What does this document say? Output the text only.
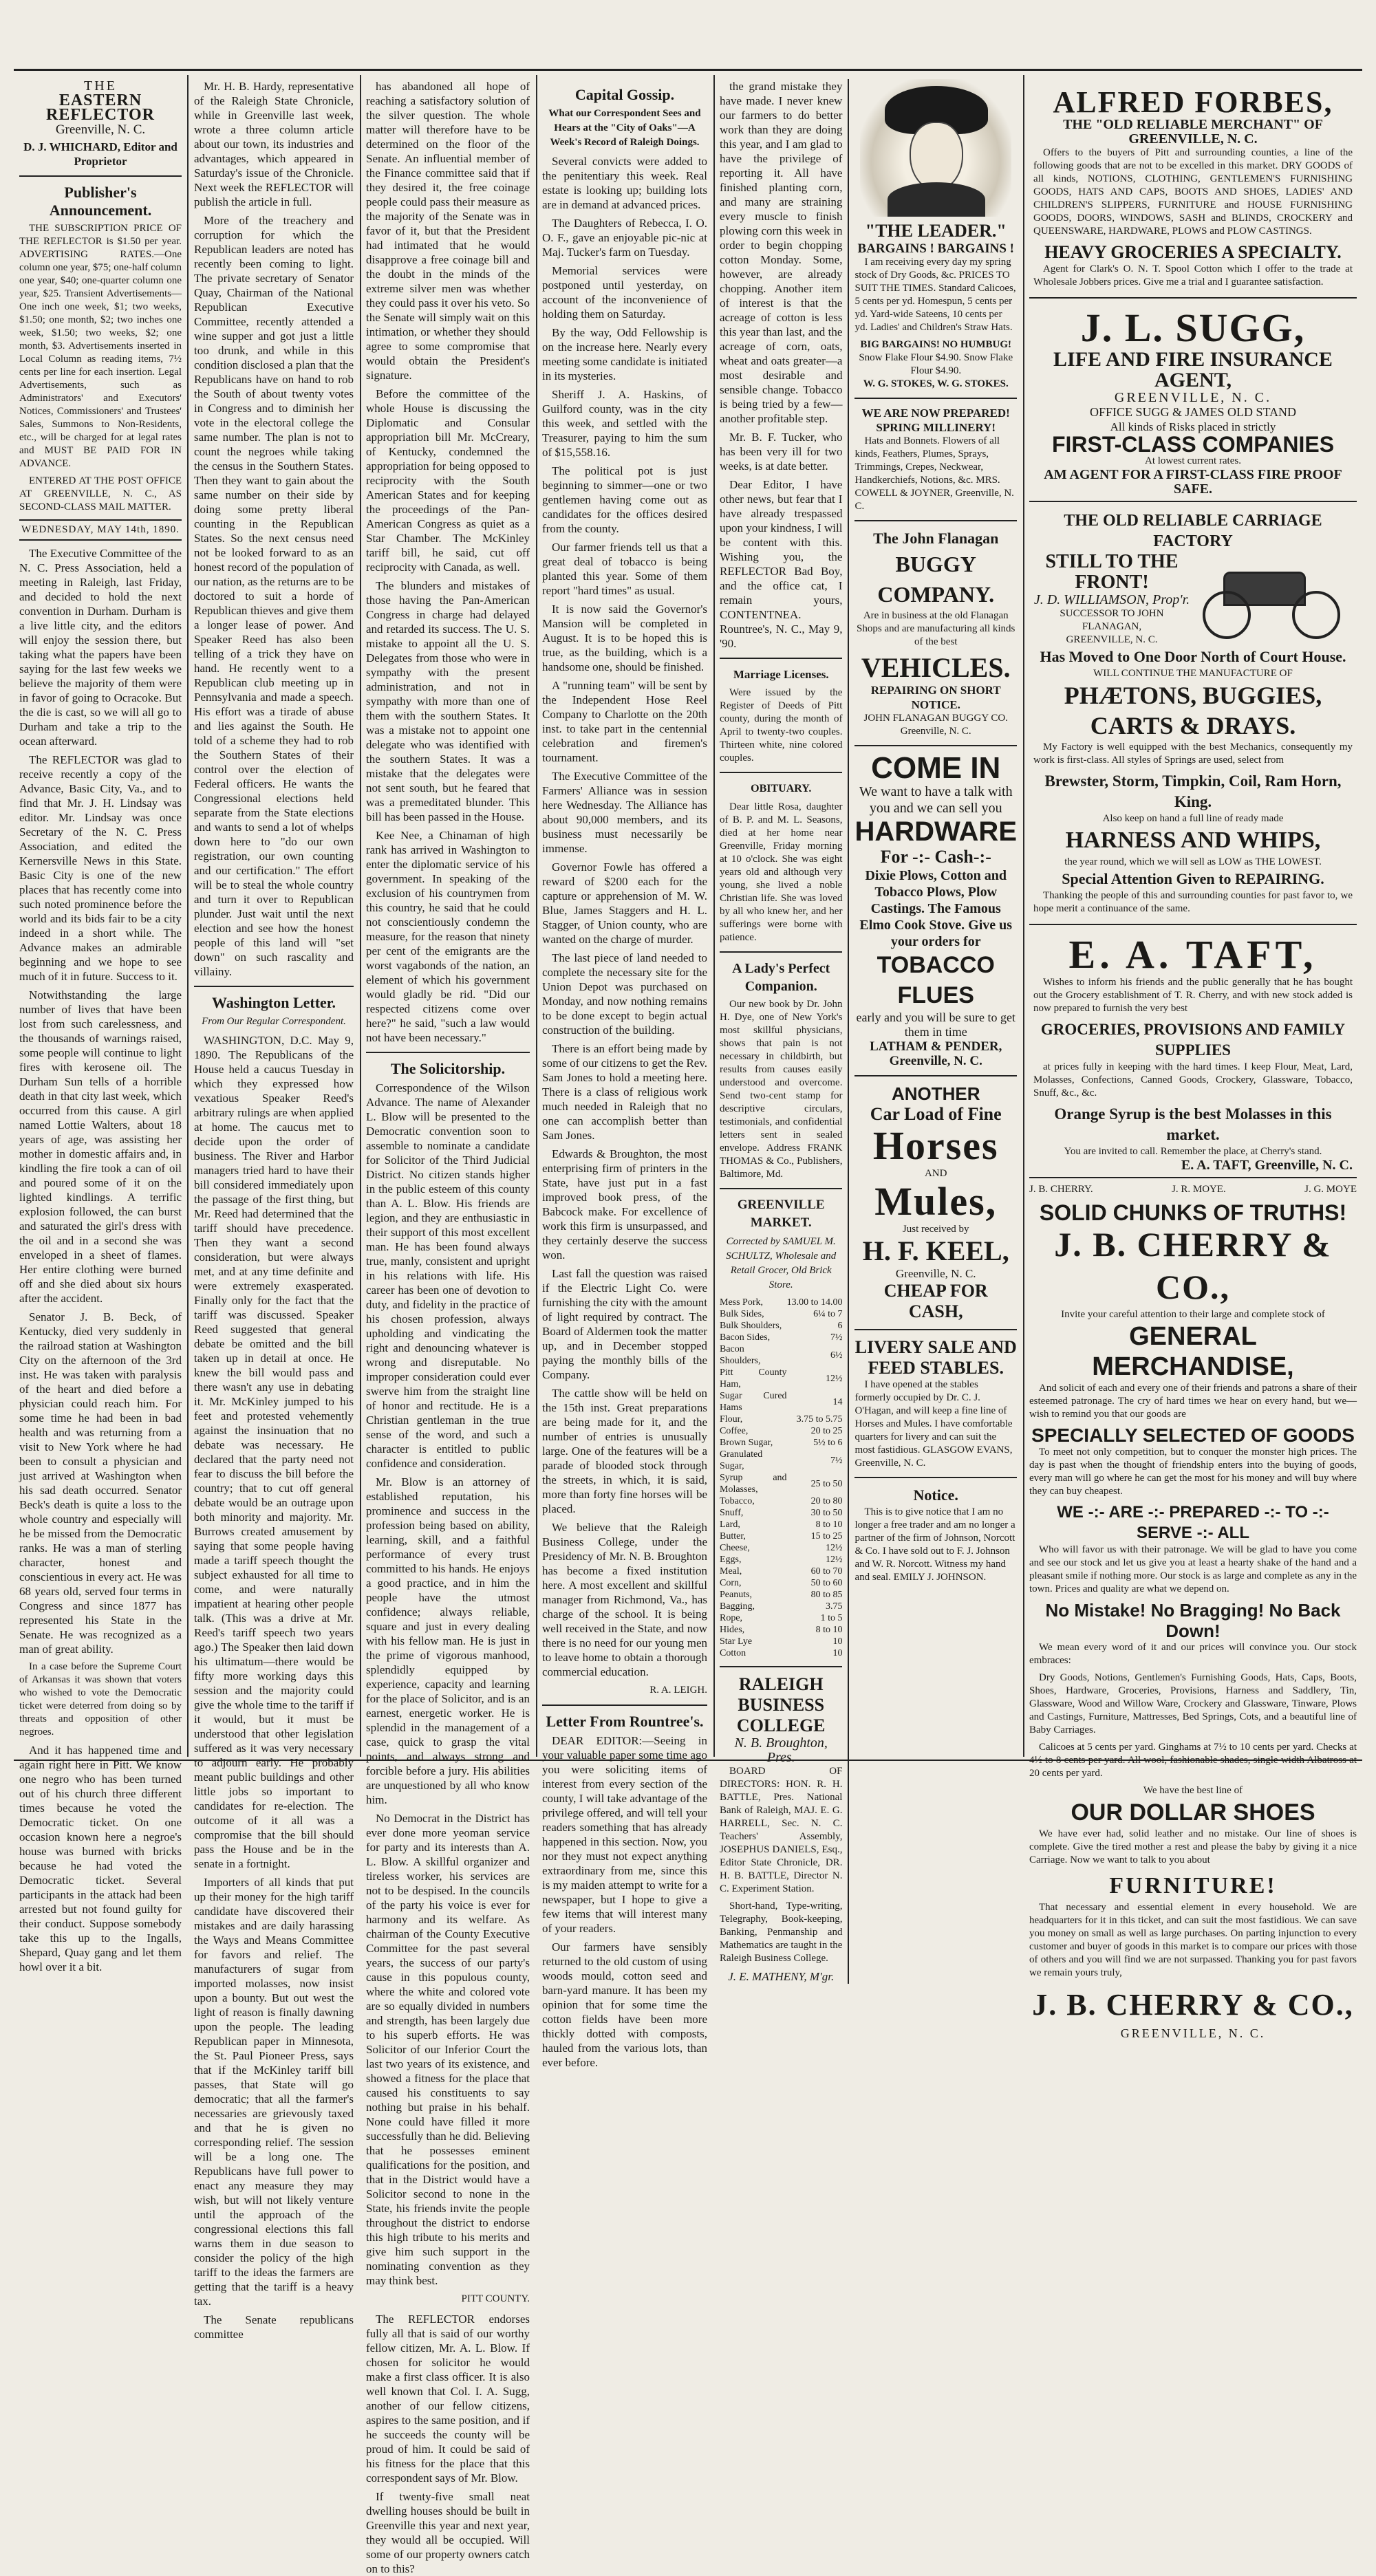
THE
EASTERN REFLECTOR
Greenville, N. C.
D. J. WHICHARD, Editor and Proprietor
Publisher's Announcement.

THE SUBSCRIPTION PRICE OF THE REFLECTOR is $1.50 per year. ADVERTISING RATES.—One column one year, $75; one-half column one year, $40; one-quarter column one year, $25. Transient Advertisements—One inch one week, $1; two weeks, $1.50; one month, $2; two inches one week, $1.50; two weeks, $2; one month, $3. Advertisements inserted in Local Column as reading items, 7½ cents per line for each insertion. Legal Advertisements, such as Administrators' and Executors' Notices, Commissioners' and Trustees' Sales, Summons to Non-Residents, etc., will be charged for at legal rates and MUST BE PAID FOR IN ADVANCE.

ENTERED AT THE POST OFFICE AT GREENVILLE, N. C., AS SECOND-CLASS MAIL MATTER.

WEDNESDAY, MAY 14th, 1890.

The Executive Committee of the N. C. Press Association, held a meeting in Raleigh, last Friday, and decided to hold the next convention in Durham. Durham is a live little city, and the editors will enjoy the session there, but taking what the papers have been saying for the last few weeks we believe the majority of them were in favor of going to Ocracoke. But the die is cast, so we will all go to Durham and take a trip to the ocean afterward.

The REFLECTOR was glad to receive recently a copy of the Advance, Basic City, Va., and to find that Mr. J. H. Lindsay was editor. Mr. Lindsay was once Secretary of the N. C. Press Association, and edited the Kernersville News in this State. Basic City is one of the new places that has recently come into such noted prominence before the world and its bids fair to be a city indeed in a short while. The Advance makes an admirable beginning and we hope to see much of it in future. Success to it.

Notwithstanding the large number of lives that have been lost from such carelessness, and the thousands of warnings raised, some people will continue to light fires with kerosene oil. The Durham Sun tells of a horrible death in that city last week, which occurred from this cause. A girl named Lottie Walters, about 18 years of age, was assisting her mother in domestic affairs and, in kindling the fire took a can of oil and poured some of it on the lighted kindlings. A terrific explosion followed, the can burst and saturated the girl's dress with the oil and in a second she was enveloped in a sheet of flames. Her entire clothing were burned off and she died about six hours after the accident.

Senator J. B. Beck, of Kentucky, died very suddenly in the railroad station at Washington City on the afternoon of the 3rd inst. He was taken with paralysis of the heart and died before a physician could reach him. For some time he had been in bad health and was returning from a visit to New York where he had been to consult a physician and just arrived at Washington when his sad death occurred. Senator Beck's death is quite a loss to the whole country and especially will he be missed from the Democratic ranks. He was a man of sterling character, honest and conscientious in every act. He was 68 years old, served four terms in Congress and since 1877 has represented his State in the Senate. He was recognized as a man of great ability.

In a case before the Supreme Court of Arkansas it was shown that voters who wished to vote the Democratic ticket were deterred from doing so by threats and opposition of other negroes.

And it has happened time and again right here in Pitt. We know one negro who has been turned out of his church three different times because he voted the Democratic ticket. On one occasion known here a negroe's house was burned with bricks because he had voted the Democratic ticket. Several participants in the attack had been arrested but not found guilty for their conduct. Suppose somebody take this up to the Ingalls, Shepard, Quay gang and let them howl over it a bit.

Mr. H. B. Hardy, representative of the Raleigh State Chronicle, while in Greenville last week, wrote a three column article about our town, its industries and advantages, which appeared in Saturday's issue of the Chronicle. Next week the REFLECTOR will publish the article in full.

More of the treachery and corruption for which the Republican leaders are noted has recently been coming to light. The private secretary of Senator Quay, Chairman of the National Republican Executive Committee, recently attended a wine supper and got just a little too drunk, and while in this condition disclosed a plan that the Republicans have on hand to rob the South of about twenty votes in Congress and to diminish her vote in the electoral college the same number. The plan is not to count the negroes while taking the census in the Southern States. Then they want to gain about the same number on their side by doing some pretty liberal counting in the Republican States. So the next census need not be looked forward to as an honest record of the population of our nation, as the returns are to be doctored to suit a horde of Republican thieves and give them a longer lease of power. And Speaker Reed has also been telling of a trick they have on hand. He recently went to a Republican club meeting up in Pennsylvania and made a speech. His effort was a tirade of abuse and lies against the South. He told of a scheme they had to rob the Southern States of their control over the election of Federal officers. He wants the Congressional elections held separate from the State elections and wants to send a lot of whelps down here to "do our own registration, our own counting and our certification." The effort will be to steal the whole country and turn it over to Republican plunder. Just wait until the next election and see how the honest people of this land will "set down" on such rascality and villainy.

Washington Letter.
From Our Regular Correspondent.

WASHINGTON, D.C. May 9, 1890. The Republicans of the House held a caucus Tuesday in which they expressed how vexatious Speaker Reed's arbitrary rulings are when applied at home. The caucus met to decide upon the order of business. The River and Harbor managers tried hard to have their bill considered immediately upon the passage of the first thing, but Mr. Reed had determined that the tariff should have precedence. Then they want a second consideration, but were always met, and at any time definite and were extremely exasperated. Finally only for the fact that the tariff was discussed. Speaker Reed suggested that general debate be omitted and the bill taken up in detail at once. He knew the bill would pass and there wasn't any use in debating it. Mr. McKinley jumped to his feet and protested vehemently against the insinuation that no debate was necessary. He declared that the party need not fear to discuss the bill before the country; that to cut off general debate would be an outrage upon both minority and majority. Mr. Burrows created amusement by saying that some people having made a tariff speech thought the subject exhausted for all time to come, and were naturally impatient at hearing other people talk. (This was a drive at Mr. Reed's tariff speech two years ago.) The Speaker then laid down his ultimatum—there would be fifty more working days this session and the majority could give the whole time to the tariff if it would, but it must be understood that other legislation suffered as it was very necessary to adjourn early. He probably meant public buildings and other little jobs so important to candidates for re-election. The outcome of it all was a compromise that the bill should pass the House and be in the senate in a fortnight.

Importers of all kinds that put up their money for the high tariff candidate have discovered their mistakes and are daily harassing the Ways and Means Committee for favors and relief. The manufacturers of sugar from imported molasses, now insist upon a bounty. But out west the light of reason is finally dawning upon the people. The leading Republican paper in Minnesota, the St. Paul Pioneer Press, says that if the McKinley tariff bill passes, that State will go democratic; that all the farmer's necessaries are grievously taxed and that he is given no corresponding relief. The session will be a long one. The Republicans have full power to enact any measure they may wish, but will not likely venture until the approach of the congressional elections this fall warns them in due season to consider the policy of the high tariff to the ideas the farmers are getting that the tariff is a heavy tax.

The Senate republicans committee

has abandoned all hope of reaching a satisfactory solution of the silver question. The whole matter will therefore have to be determined on the floor of the Senate. An influential member of the Finance committee said that if they desired it, the free coinage people could pass their measure as the majority of the Senate was in favor of it, but that the President had intimated that he would disapprove a free coinage bill and the doubt in the minds of the extreme silver men was whether they could pass it over his veto. So the Senate will simply wait on this intimation, or whether they should agree to some compromise that would obtain the President's signature.

Before the committee of the whole House is discussing the Diplomatic and Consular appropriation bill Mr. McCreary, of Kentucky, condemned the appropriation for being opposed to reciprocity with the South American States and for keeping the proceedings of the Pan-American Congress as quiet as a Star Chamber. The McKinley tariff bill, he said, cut off reciprocity with Canada, as well.

The blunders and mistakes of those having the Pan-American Congress in charge had delayed and retarded its success. The U. S. mistake to appoint all the U. S. Delegates from those who were in sympathy with the present administration, and not in sympathy with more than one of them with the southern States. It was a mistake not to appoint one delegate who was identified with the southern States. It was a mistake that the delegates were not sent south, but he feared that was a premeditated blunder. This bill has been passed in the House.

Kee Nee, a Chinaman of high rank has arrived in Washington to enter the diplomatic service of his government. In speaking of the exclusion of his countrymen from this country, he said that he could not conscientiously condemn the measure, for the reason that ninety per cent of the emigrants are the worst vagabonds of the nation, an element of which his government would gladly be rid. "Did our respected citizens come over here?" he said, "such a law would not have been necessary."

The Solicitorship.

Correspondence of the Wilson Advance. The name of Alexander L. Blow will be presented to the Democratic convention soon to assemble to nominate a candidate for Solicitor of the Third Judicial District. No citizen stands higher in the public esteem of this county than A. L. Blow. His friends are legion, and they are enthusiastic in their support of this most excellent man. He has been found always true, manly, consistent and upright in his relations with life. His career has been one of devotion to duty, and fidelity in the practice of his chosen profession, always upholding and vindicating the right and denouncing whatever is wrong and disreputable. No improper consideration could ever swerve him from the straight line of honor and rectitude. He is a Christian gentleman in the true sense of the word, and such a character is entitled to public confidence and consideration.

Mr. Blow is an attorney of established reputation, his prominence and success in the profession being based on ability, learning, skill, and a faithful performance of every trust committed to his hands. He enjoys a good practice, and in him the people have the utmost confidence; always reliable, square and just in every dealing with his fellow man. He is just in the prime of vigorous manhood, splendidly equipped by experience, capacity and learning for the place of Solicitor, and is an earnest, energetic worker. He is splendid in the management of a case, quick to grasp the vital points, and always strong and forcible before a jury. His abilities are unquestioned by all who know him.

No Democrat in the District has ever done more yeoman service for party and its interests than A. L. Blow. A skillful organizer and tireless worker, his services are not to be despised. In the councils of the party his voice is ever for harmony and its welfare. As chairman of the County Executive Committee for the past several years, the success of our party's cause in this populous county, where the white and colored vote are so equally divided in numbers and strength, has been largely due to his superb efforts. He was Solicitor of our Inferior Court the last two years of its existence, and showed a fitness for the place that caused his constituents to say nothing but praise in his behalf. None could have filled it more successfully than he did. Believing that he possesses eminent qualifications for the position, and that in the District would have a Solicitor second to none in the State, his friends invite the people throughout the district to endorse this high tribute to his merits and give him such support in the nominating convention as they may think best.

PITT COUNTY.

The REFLECTOR endorses fully all that is said of our worthy fellow citizen, Mr. A. L. Blow. If chosen for solicitor he would make a first class officer. It is also well known that Col. I. A. Sugg, another of our fellow citizens, aspires to the same position, and if he succeeds the county will be proud of him. It could be said of his fitness for the place that this correspondent says of Mr. Blow.

If twenty-five small neat dwelling houses should be built in Greenville this year and next year, they would all be occupied. Will some of our property owners catch on to this?

Capital Gossip.
What our Correspondent Sees and Hears at the "City of Oaks"—A Week's Record of Raleigh Doings.

Several convicts were added to the penitentiary this week. Real estate is looking up; building lots are in demand at advanced prices.

The Daughters of Rebecca, I. O. O. F., gave an enjoyable pic-nic at Maj. Tucker's farm on Tuesday.

Memorial services were postponed until yesterday, on account of the inconvenience of holding them on Saturday.

By the way, Odd Fellowship is on the increase here. Nearly every meeting some candidate is initiated in its mysteries.

Sheriff J. A. Haskins, of Guilford county, was in the city this week, and settled with the Treasurer, paying to him the sum of $15,558.16.

The political pot is just beginning to simmer—one or two gentlemen having come out as candidates for the offices desired from the county.

Our farmer friends tell us that a great deal of tobacco is being planted this year. Some of them report "hard times" as usual.

It is now said the Governor's Mansion will be completed in August. It is to be hoped this is true, as the building, which is a handsome one, should be finished.

A "running team" will be sent by the Independent Hose Reel Company to Charlotte on the 20th inst. to take part in the centennial celebration and firemen's tournament.

The Executive Committee of the Farmers' Alliance was in session here Wednesday. The Alliance has about 90,000 members, and its business must necessarily be immense.

Governor Fowle has offered a reward of $200 each for the capture or apprehension of M. W. Blue, James Staggers and H. L. Stagger, of Union county, who are wanted on the charge of murder.

The last piece of land needed to complete the necessary site for the Union Depot was purchased on Monday, and now nothing remains to be done except to begin actual construction of the building.

There is an effort being made by some of our citizens to get the Rev. Sam Jones to hold a meeting here. There is a class of religious work much needed in Raleigh that no one can accomplish better than Sam Jones.

Edwards & Broughton, the most enterprising firm of printers in the State, have just put in a fast improved book press, of the Babcock make. For excellence of work this firm is unsurpassed, and they certainly deserve the success won.

Last fall the question was raised if the Electric Light Co. were furnishing the city with the amount of light required by contract. The Board of Aldermen took the matter up, and in December stopped paying the monthly bills of the Company.

The cattle show will be held on the 15th inst. Great preparations are being made for it, and the number of entries is unusually large. One of the features will be a parade of blooded stock through the streets, in which, it is said, more than forty fine horses will be placed.

We believe that the Raleigh Business College, under the Presidency of Mr. N. B. Broughton has become a fixed institution here. A most excellent and skillful manager from Richmond, Va., has charge of the school. It is being well received in the State, and now there is no need for our young men to leave home to obtain a thorough commercial education.

R. A. LEIGH.
Letter From Rountree's.

DEAR EDITOR:—Seeing in your valuable paper some time ago you were soliciting items of interest from every section of the county, I will take advantage of the privilege offered, and will tell your readers something that has already happened in this section. Now, you nor they must not expect anything extraordinary from me, since this is my maiden attempt to write for a newspaper, but I hope to give a few items that will interest many of your readers.

Our farmers have sensibly returned to the old custom of using woods mould, cotton seed and barn-yard manure. It has been my opinion that for some time the cotton fields have been more thickly dotted with composts, hauled from the various lots, than ever before.

the grand mistake they have made. I never knew our farmers to do better work than they are doing this year, and I am glad to have the privilege of reporting it. All have finished planting corn, and many are straining every muscle to finish plowing corn this week in order to begin chopping cotton Monday. Some, however, are already chopping. Another item of interest is that the acreage of cotton is less this year than last, and the acreage of corn, oats, wheat and oats greater—a most desirable and sensible change. Tobacco is being tried by a few—another profitable step.

Mr. B. F. Tucker, who has been very ill for two weeks, is at date better.

Dear Editor, I have other news, but fear that I have already trespassed upon your kindness, I will be content with this. Wishing you, the REFLECTOR Bad Boy, and the office cat, I remain yours, CONTENTNEA. Rountree's, N. C., May 9, '90.

Marriage Licenses.

Were issued by the Register of Deeds of Pitt county, during the month of April to twenty-two couples. Thirteen white, nine colored couples.

OBITUARY.

Dear little Rosa, daughter of B. P. and M. L. Seasons, died at her home near Greenville, Friday morning at 10 o'clock. She was eight years old and although very young, she lived a noble Christian life. She was loved by all who knew her, and her sufferings were borne with patience.

A Lady's Perfect Companion.

Our new book by Dr. John H. Dye, one of New York's most skillful physicians, shows that pain is not necessary in childbirth, but results from causes easily understood and overcome. Send two-cent stamp for descriptive circulars, testimonials, and confidential letters sent in sealed envelope. Address FRANK THOMAS & Co., Publishers, Baltimore, Md.

GREENVILLE MARKET.
Corrected by SAMUEL M. SCHULTZ, Wholesale and Retail Grocer, Old Brick Store.
Mess Pork,	13.00 to 14.00
Bulk Sides,	6¼ to 7
Bulk Shoulders,	6
Bacon Sides,	7½
Bacon Shoulders,	6½
Pitt County Ham,	12½
Sugar Cured Hams	14
Flour,	3.75 to 5.75
Coffee,	20 to 25
Brown Sugar,	5½ to 6
Granulated Sugar,	7½
Syrup and Molasses,	25 to 50
Tobacco,	20 to 80
Snuff,	30 to 50
Lard,	8 to 10
Butter,	15 to 25
Cheese,	12½
Eggs,	12½
Meal,	60 to 70
Corn,	50 to 60
Peanuts,	80 to 85
Bagging,	3.75
Rope,	1 to 5
Hides,	8 to 10
Star Lye	10
Cotton	10
RALEIGH BUSINESS COLLEGE
N. B. Broughton, Pres.

BOARD OF DIRECTORS: HON. R. H. BATTLE, Pres. National Bank of Raleigh, MAJ. E. G. HARRELL, Sec. N. C. Teachers' Assembly, JOSEPHUS DANIELS, Esq., Editor State Chronicle, DR. H. B. BATTLE, Director N. C. Experiment Station.

Short-hand, Type-writing, Telegraphy, Book-keeping, Banking, Penmanship and Mathematics are taught in the Raleigh Business College.

J. E. MATHENY, M'gr.
"THE LEADER."
BARGAINS ! BARGAINS !

I am receiving every day my spring stock of Dry Goods, &c. PRICES TO SUIT THE TIMES. Standard Calicoes, 5 cents per yd. Homespun, 5 cents per yd. Yard-wide Sateens, 10 cents per yd. Ladies' and Children's Straw Hats.

BIG BARGAINS! NO HUMBUG!
Snow Flake Flour $4.90. Snow Flake Flour $4.90.
W. G. STOKES, W. G. STOKES.
WE ARE NOW PREPARED! SPRING MILLINERY!

Hats and Bonnets. Flowers of all kinds, Feathers, Plumes, Sprays, Trimmings, Crepes, Neckwear, Handkerchiefs, Notions, &c. MRS. COWELL & JOYNER, Greenville, N. C.

The John Flanagan
BUGGY COMPANY.

Are in business at the old Flanagan Shops and are manufacturing all kinds of the best

VEHICLES.
REPAIRING ON SHORT NOTICE.
JOHN FLANAGAN BUGGY CO. Greenville, N. C.
COME IN
We want to have a talk with you and we can sell you
HARDWARE
For -:- Cash-:-
Dixie Plows, Cotton and Tobacco Plows, Plow Castings. The Famous Elmo Cook Stove. Give us your orders for
TOBACCO FLUES
early and you will be sure to get them in time
LATHAM & PENDER, Greenville, N. C.
ANOTHER
Car Load of Fine
Horses
AND
Mules,
Just received by
H. F. KEEL,
Greenville, N. C.
CHEAP FOR CASH,
LIVERY SALE AND FEED STABLES.

I have opened at the stables formerly occupied by Dr. C. J. O'Hagan, and will keep a fine line of Horses and Mules. I have comfortable quarters for livery and can suit the most fastidious. GLASGOW EVANS, Greenville, N. C.

Notice.

This is to give notice that I am no longer a free trader and am no longer a partner of the firm of Johnson, Norcott & Co. I have sold out to F. J. Johnson and W. R. Norcott. Witness my hand and seal. EMILY J. JOHNSON.

ALFRED FORBES,
THE "OLD RELIABLE MERCHANT" OF GREENVILLE, N. C.

Offers to the buyers of Pitt and surrounding counties, a line of the following goods that are not to be excelled in this market. DRY GOODS of all kinds, NOTIONS, CLOTHING, GENTLEMEN'S FURNISHING GOODS, HATS AND CAPS, BOOTS AND SHOES, LADIES' AND CHILDREN'S SLIPPERS, FURNITURE and HOUSE FURNISHING GOODS, DOORS, WINDOWS, SASH and BLINDS, CROCKERY and QUEENSWARE, HARDWARE, PLOWS and PLOW CASTINGS.

HEAVY GROCERIES A SPECIALTY.

Agent for Clark's O. N. T. Spool Cotton which I offer to the trade at Wholesale Jobbers prices. Give me a trial and I guarantee satisfaction.

J. L. SUGG,
LIFE AND FIRE INSURANCE AGENT,
GREENVILLE, N. C.
OFFICE SUGG & JAMES OLD STAND
All kinds of Risks placed in strictly
FIRST-CLASS COMPANIES
At lowest current rates.
AM AGENT FOR A FIRST-CLASS FIRE PROOF SAFE.
THE OLD RELIABLE CARRIAGE FACTORY
STILL TO THE FRONT!
J. D. WILLIAMSON, Prop'r.
SUCCESSOR TO JOHN FLANAGAN,
GREENVILLE, N. C.
Has Moved to One Door North of Court House.
WILL CONTINUE THE MANUFACTURE OF
PHÆTONS, BUGGIES, CARTS & DRAYS.

My Factory is well equipped with the best Mechanics, consequently my work is first-class. All styles of Springs are used, select from

Brewster, Storm, Timpkin, Coil, Ram Horn, King.
Also keep on hand a full line of ready made
HARNESS AND WHIPS,
the year round, which we will sell as LOW as THE LOWEST.
Special Attention Given to REPAIRING.

Thanking the people of this and surrounding counties for past favor to, we hope merit a continuance of the same.

E. A. TAFT,

Wishes to inform his friends and the public generally that he has bought out the Grocery establishment of T. R. Cherry, and with new stock added is now prepared to furnish the very best

GROCERIES, PROVISIONS AND FAMILY SUPPLIES

at prices fully in keeping with the hard times. I keep Flour, Meat, Lard, Molasses, Confections, Canned Goods, Crockery, Glassware, Tobacco, Snuff, &c., &c.

Orange Syrup is the best Molasses in this market.
You are invited to call. Remember the place, at Cherry's stand.
E. A. TAFT, Greenville, N. C.
J. B. CHERRY.	J. R. MOYE.	J. G. MOYE
SOLID CHUNKS OF TRUTHS!
J. B. CHERRY & CO.,
Invite your careful attention to their large and complete stock of
GENERAL MERCHANDISE,

And solicit of each and every one of their friends and patrons a share of their esteemed patronage. The cry of hard times we hear on every hand, but we—wish to remind you that our goods are

SPECIALLY SELECTED OF GOODS

To meet not only competition, but to conquer the monster high prices. The day is past when the thought of friendship enters into the buying of goods, every man will go where he can get the most for his money and will buy where they can buy cheapest.

WE -:- ARE -:- PREPARED -:- TO -:- SERVE -:- ALL

Who will favor us with their patronage. We will be glad to have you come and see our stock and let us give you at least a hearty shake of the hand and a pleasant smile if nothing more. Our stock is as large and complete as any in the town. Prices and quality are what we depend on.

No Mistake! No Bragging! No Back Down!

We mean every word of it and our prices will convince you. Our stock embraces:

Dry Goods, Notions, Gentlemen's Furnishing Goods, Hats, Caps, Boots, Shoes, Hardware, Groceries, Provisions, Harness and Saddlery, Tin, Glassware, Wood and Willow Ware, Crockery and Glassware, Tinware, Plows and Castings, Furniture, Mattresses, Bed Springs, Cots, and a beautiful line of Baby Carriages.

Calicoes at 5 cents per yard. Ginghams at 7½ to 10 cents per yard. Checks at 4½ to 8 cents per yard. All wool, fashionable shades, single width Albatross at 20 cents per yard.

We have the best line of
OUR DOLLAR SHOES

We have ever had, solid leather and no mistake. Our line of shoes is complete. Give the tired mother a rest and please the baby by giving it a nice Carriage. Now we want to talk to you about

FURNITURE!

That necessary and essential element in every household. We are headquarters for it in this ticket, and can suit the most fastidious. We can save you money on small as well as large purchases. On parting injunction to every customer and buyer of goods in this market is to compare our prices with those of others and you will find we are not surpassed. Thanking you for past favors we remain yours truly,

J. B. CHERRY & CO.,
GREENVILLE, N. C.
